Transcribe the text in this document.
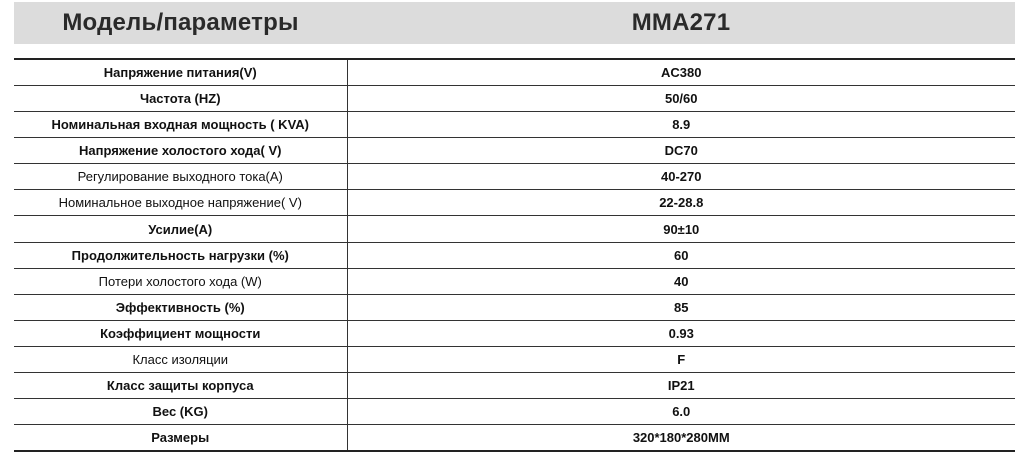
Модель/параметры	MMA271
Напряжение питания(V)	AC380
Частота (HZ)	50/60
Номинальная входная мощность ( KVA)	8.9
Напряжение холостого хода( V)	DC70
Регулирование выходного тока(A)	40-270
Номинальное выходное напряжение( V)	22-28.8
Усилие(A)	90±10
Продолжительность нагрузки (%)	60
Потери холостого хода (W)	40
Эффективность (%)	85
Коэффициент мощности	0.93
Класс изоляции	F
Класс защиты корпуса	IP21
Вес (KG)	6.0
Размеры	320*180*280MM
